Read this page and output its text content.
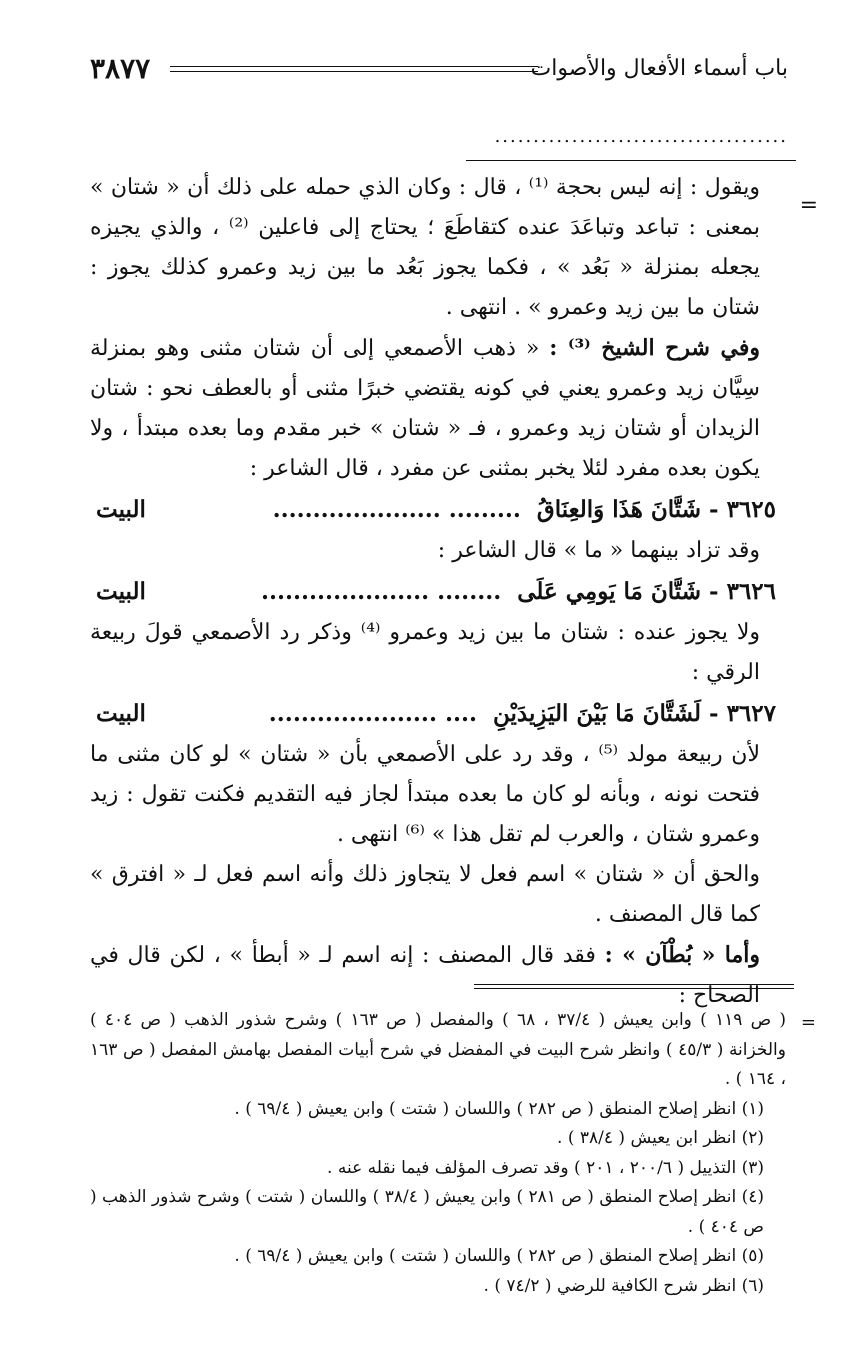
باب أسماء الأفعال والأصوات
٣٨٧٧
......................................
=

ويقول : إنه ليس بحجة ⁽¹⁾ ، قال : وكان الذي حمله على ذلك أن « شتان » بمعنى : تباعد وتباعَدَ عنده كتقاطَعَ ؛ يحتاج إلى فاعلين ⁽²⁾ ، والذي يجيزه يجعله بمنزلة « بَعُد » ، فكما يجوز بَعُد ما بين زيد وعمرو كذلك يجوز : شتان ما بين زيد وعمرو » . انتهى .

وفي شرح الشيخ ⁽³⁾ : « ذهب الأصمعي إلى أن شتان مثنى وهو بمنزلة سِيَّان زيد وعمرو يعني في كونه يقتضي خبرًا مثنى أو بالعطف نحو : شتان الزيدان أو شتان زيد وعمرو ، فـ « شتان » خبر مقدم وما بعده مبتدأ ، ولا يكون بعده مفرد لئلا يخبر بمثنى عن مفرد ، قال الشاعر :

٣٦٢٥ - شَتَّانَ هَذَا وَالعِنَاقُ  ......... .....................
البيت

وقد تزاد بينهما « ما » قال الشاعر :

٣٦٢٦ - شَتَّانَ مَا يَومِي عَلَى  ........ .....................
البيت

ولا يجوز عنده : شتان ما بين زيد وعمرو ⁽⁴⁾ وذكر رد الأصمعي قولَ ربيعة الرقي :

٣٦٢٧ - لَشَتَّانَ مَا بَيْنَ اليَزِيدَيْنِ  .... .....................
البيت

لأن ربيعة مولد ⁽⁵⁾ ، وقد رد على الأصمعي بأن « شتان » لو كان مثنى ما فتحت نونه ، وبأنه لو كان ما بعده مبتدأ لجاز فيه التقديم فكنت تقول : زيد وعمرو شتان ، والعرب لم تقل هذا » ⁽⁶⁾ انتهى .

والحق أن « شتان » اسم فعل لا يتجاوز ذلك وأنه اسم فعل لـ « افترق » كما قال المصنف .

وأما « بُطْآن » : فقد قال المصنف : إنه اسم لـ « أبطأ » ، لكن قال في الصحاح :

=

( ص ١١٩ ) وابن يعيش ( ٣٧/٤ ، ٦٨ ) والمفصل ( ص ١٦٣ ) وشرح شذور الذهب ( ص ٤٠٤ ) والخزانة ( ٤٥/٣ ) وانظر شرح البيت في المفضل في شرح أبيات المفصل بهامش المفصل ( ص ١٦٣ ، ١٦٤ ) .

(١) انظر إصلاح المنطق ( ص ٢٨٢ ) واللسان ( شتت ) وابن يعيش ( ٦٩/٤ ) .

(٢) انظر ابن يعيش ( ٣٨/٤ ) .

(٣) التذييل ( ٢٠٠/٦ ، ٢٠١ ) وقد تصرف المؤلف فيما نقله عنه .

(٤) انظر إصلاح المنطق ( ص ٢٨١ ) وابن يعيش ( ٣٨/٤ ) واللسان ( شتت ) وشرح شذور الذهب ( ص ٤٠٤ ) .

(٥) انظر إصلاح المنطق ( ص ٢٨٢ ) واللسان ( شتت ) وابن يعيش ( ٦٩/٤ ) .

(٦) انظر شرح الكافية للرضي ( ٧٤/٢ ) .
